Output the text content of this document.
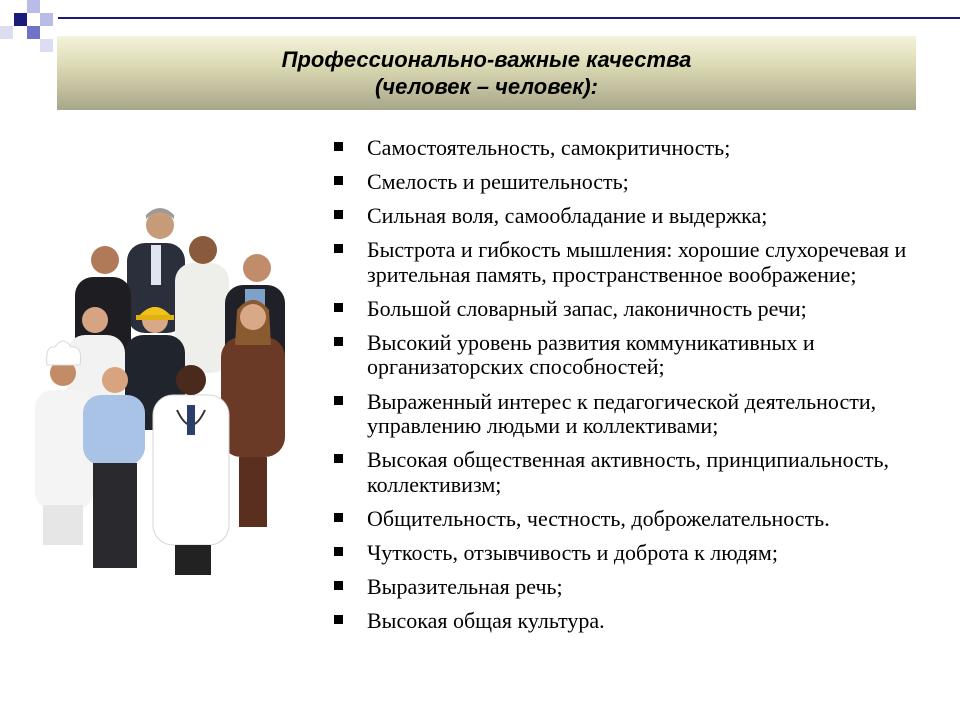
Профессионально-важные качества
(человек – человек):
Самостоятельность, самокритичность;
Смелость и решительность;
Сильная воля, самообладание и выдержка;
Быстрота и гибкость мышления: хорошие слухоречевая и зрительная память, пространственное воображение;
Большой словарный запас, лаконичность речи;
Высокий уровень развития коммуникативных и организаторских способностей;
Выраженный интерес к педагогической деятельности, управлению людьми и коллективами;
Высокая общественная активность, принципиальность, коллективизм;
Общительность, честность, доброжелательность.
Чуткость, отзывчивость и доброта к людям;
Выразительная речь;
Высокая общая культура.
